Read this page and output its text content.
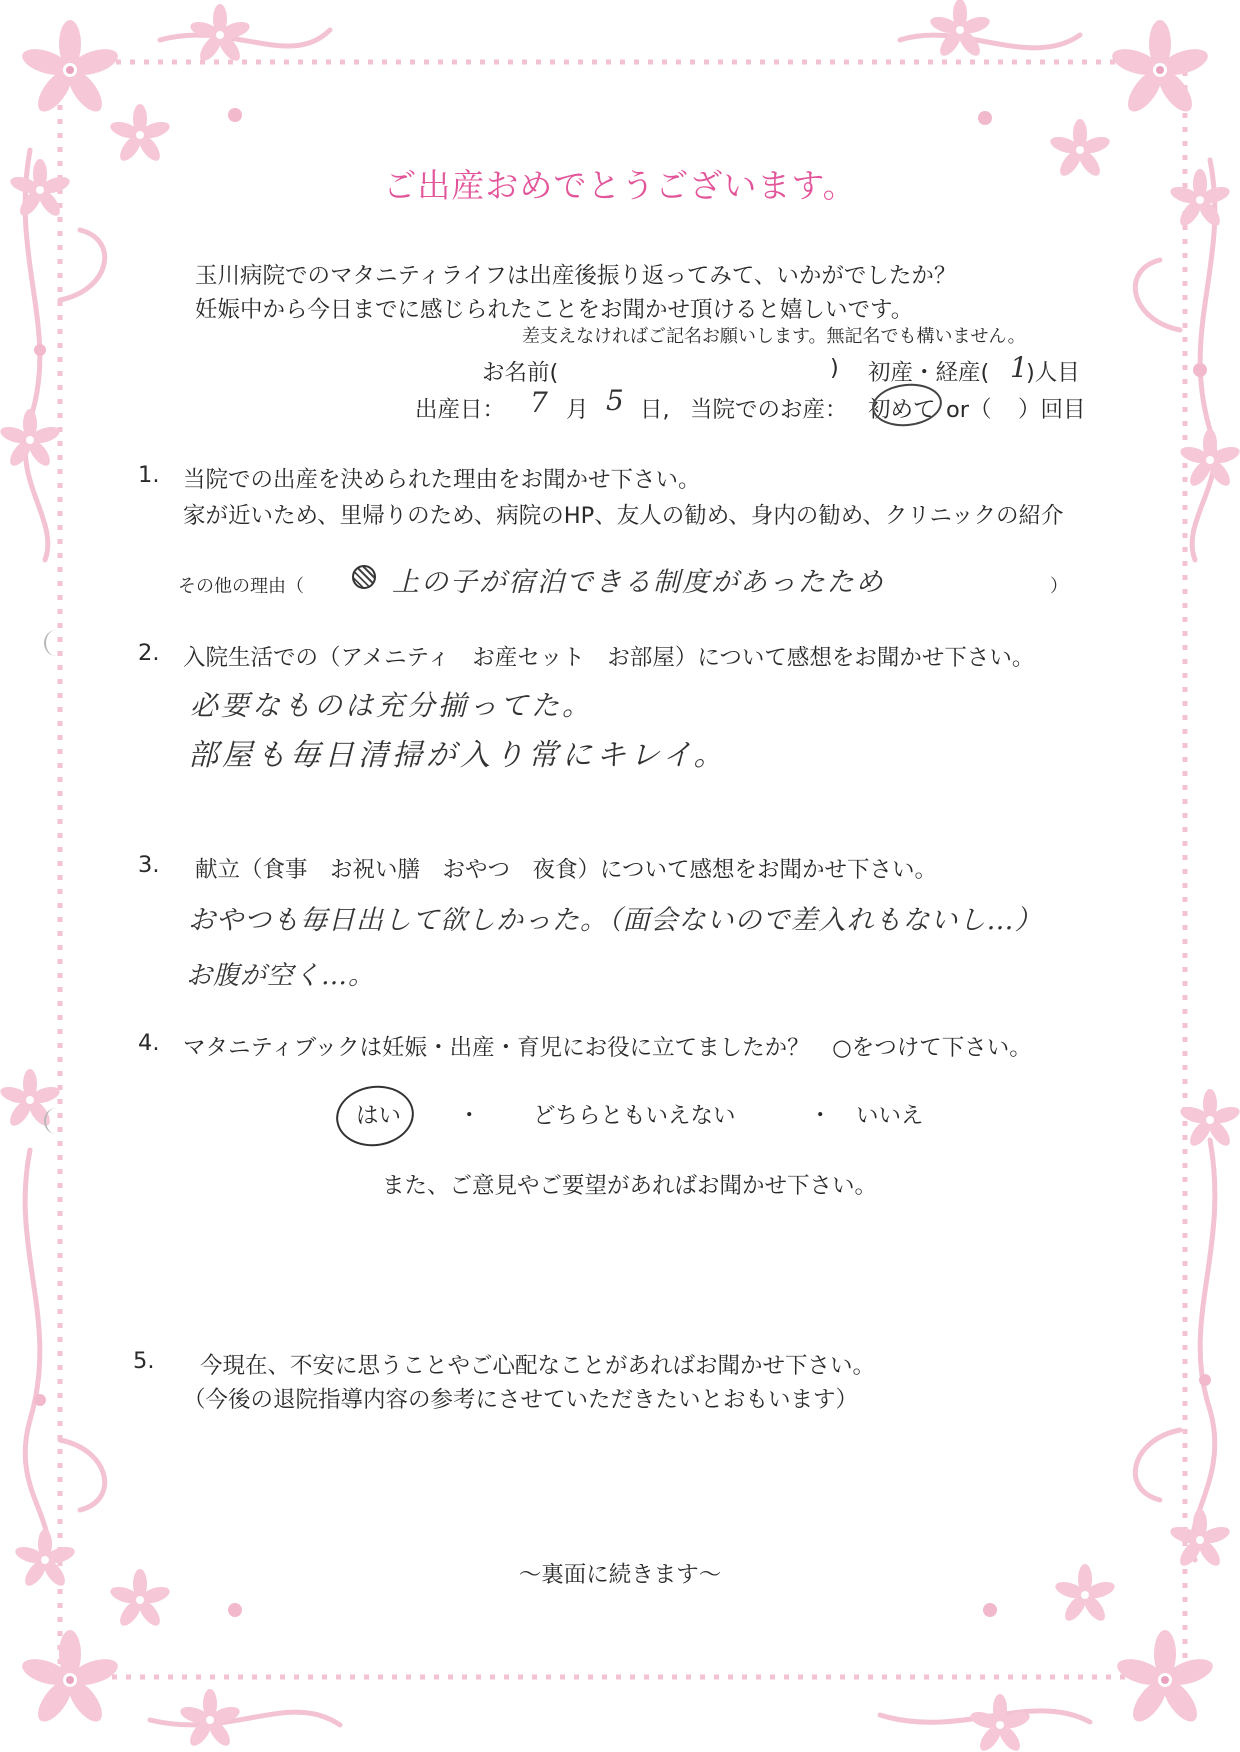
ご出産おめでとうございます。
玉川病院でのマタニティライフは出産後振り返ってみて、いかがでしたか？
妊娠中から今日までに感じられたことをお聞かせ頂けると嬉しいです。
差支えなければご記名お願いします。無記名でも構いません。
お名前(	) 初産・経産( 1
)人目
出産日： 7 月 5 日, 当院でのお産： 初めて or（ ）回目
1. 当院での出産を決められた理由をお聞かせ下さい。
家が近いため、里帰りのため、病院のHP、友人の勧め、身内の勧め、クリニックの紹介
その他の理由（	上の子が宿泊できる制度があったため	）
2. 入院生活での（アメニティ　お産セット　お部屋）について感想をお聞かせ下さい。
必要なものは充分揃ってた。
部屋も毎日清掃が入り常にキレイ。
3. 献立（食事　お祝い膳　おやつ　夜食）について感想をお聞かせ下さい。
おやつも毎日出して欲しかった。（面会ないので差入れもないし…）
お腹が空く…。
4. マタニティブックは妊娠・出産・育児にお役に立てましたか？　○をつけて下さい。
はい	・ どちらともいえない	・ いいえ
また、ご意見やご要望があればお聞かせ下さい。
5. 今現在、不安に思うことやご心配なことがあればお聞かせ下さい。
（今後の退院指導内容の参考にさせていただきたいとおもいます）
～裏面に続きます～
